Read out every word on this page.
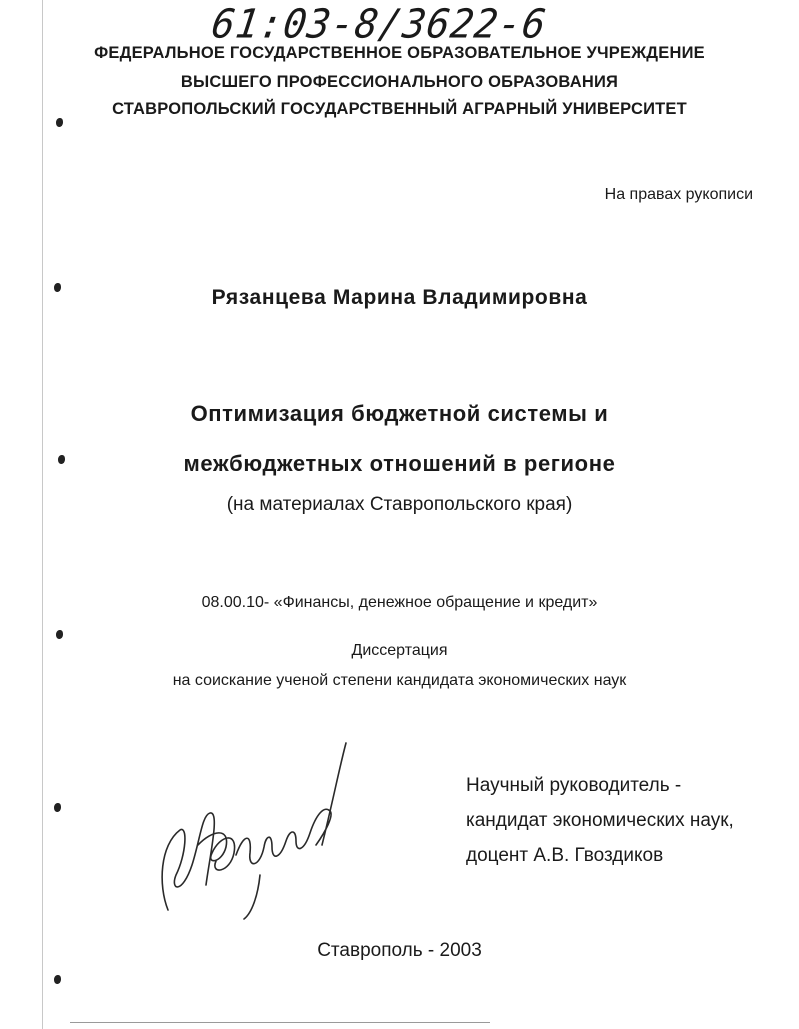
61:03-8/3622-6
ФЕДЕРАЛЬНОЕ ГОСУДАРСТВЕННОЕ ОБРАЗОВАТЕЛЬНОЕ УЧРЕЖДЕНИЕ
ВЫСШЕГО ПРОФЕССИОНАЛЬНОГО ОБРАЗОВАНИЯ
СТАВРОПОЛЬСКИЙ ГОСУДАРСТВЕННЫЙ АГРАРНЫЙ УНИВЕРСИТЕТ
На правах рукописи
Рязанцева Марина Владимировна
Оптимизация бюджетной системы и
межбюджетных отношений в регионе
(на материалах Ставропольского края)
08.00.10- «Финансы, денежное обращение и кредит»
Диссертация
на соискание ученой степени кандидата экономических наук
Научный руководитель -
кандидат экономических наук,
доцент А.В. Гвоздиков
Ставрополь - 2003
